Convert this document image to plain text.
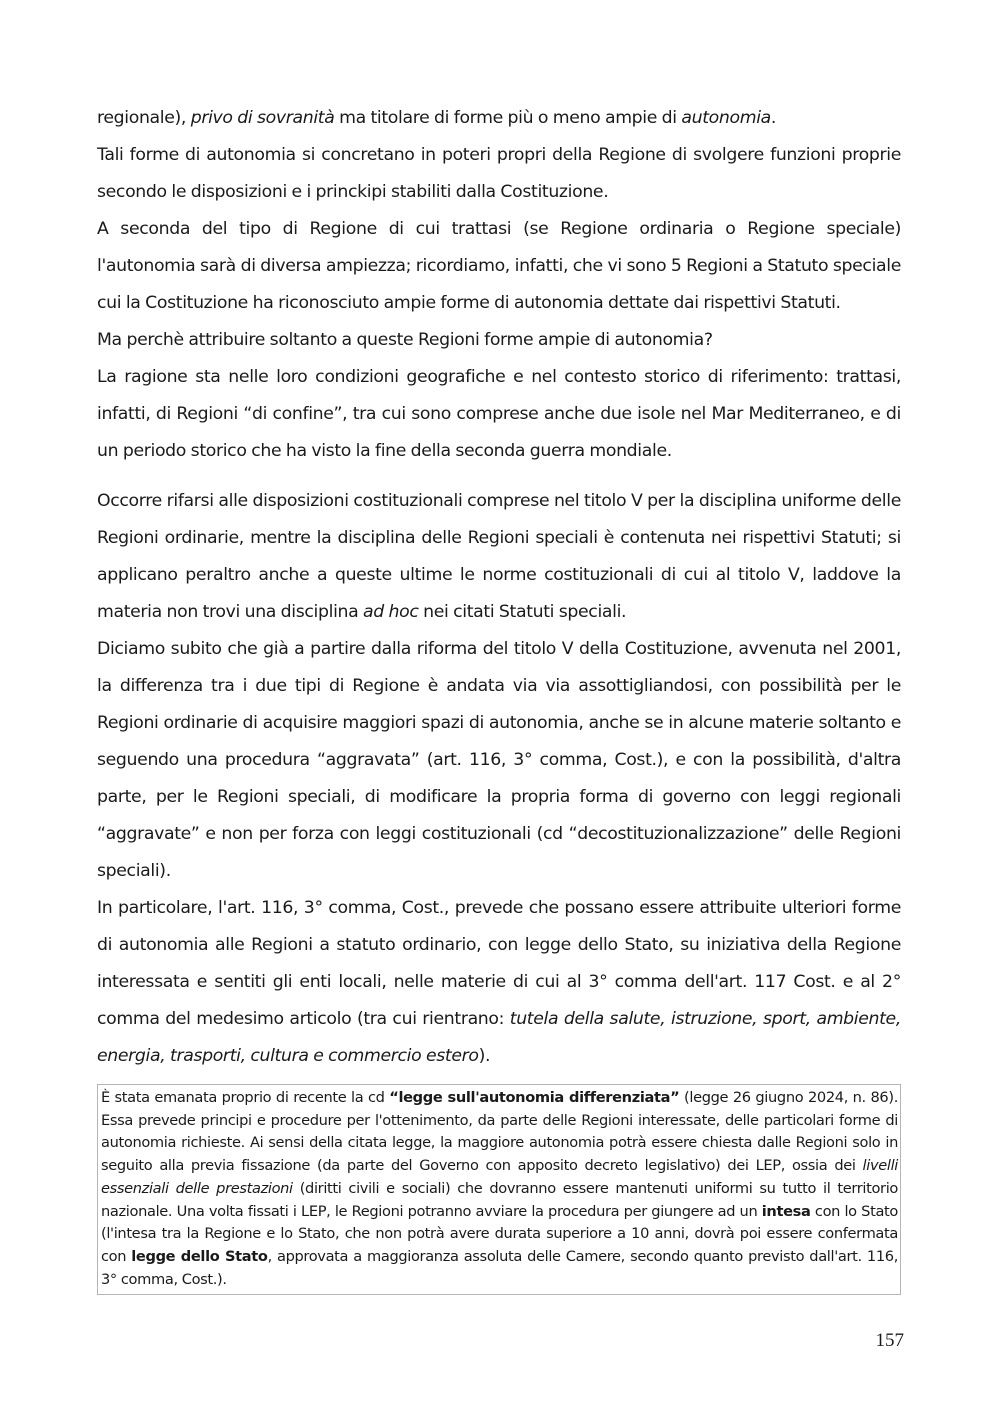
regionale), privo di sovranità ma titolare di forme più o meno ampie di autonomia.

Tali forme di autonomia si concretano in poteri propri della Regione di svolgere funzioni proprie secondo le disposizioni e i princkipi stabiliti dalla Costituzione.

A seconda del tipo di Regione di cui trattasi (se Regione ordinaria o Regione speciale) l'autonomia sarà di diversa ampiezza; ricordiamo, infatti, che vi sono 5 Regioni a Statuto speciale cui la Costituzione ha riconosciuto ampie forme di autonomia dettate dai rispettivi Statuti.

Ma perchè attribuire soltanto a queste Regioni forme ampie di autonomia?

La ragione sta nelle loro condizioni geografiche e nel contesto storico di riferimento: trattasi, infatti, di Regioni “di confine”, tra cui sono comprese anche due isole nel Mar Mediterraneo, e di un periodo storico che ha visto la fine della seconda guerra mondiale.

Occorre rifarsi alle disposizioni costituzionali comprese nel titolo V per la disciplina uniforme delle Regioni ordinarie, mentre la disciplina delle Regioni speciali è contenuta nei rispettivi Statuti; si applicano peraltro anche a queste ultime le norme costituzionali di cui al titolo V, laddove la materia non trovi una disciplina ad hoc nei citati Statuti speciali.

Diciamo subito che già a partire dalla riforma del titolo V della Costituzione, avvenuta nel 2001, la differenza tra i due tipi di Regione è andata via via assottigliandosi, con possibilità per le Regioni ordinarie di acquisire maggiori spazi di autonomia, anche se in alcune materie soltanto e seguendo una procedura “aggravata” (art. 116, 3° comma, Cost.), e con la possibilità, d'altra parte, per le Regioni speciali, di modificare la propria forma di governo con leggi regionali “aggravate” e non per forza con leggi costituzionali (cd “decostituzionalizzazione” delle Regioni speciali).

In particolare, l'art. 116, 3° comma, Cost., prevede che possano essere attribuite ulteriori forme di autonomia alle Regioni a statuto ordinario, con legge dello Stato, su iniziativa della Regione interessata e sentiti gli enti locali, nelle materie di cui al 3° comma dell'art. 117 Cost. e al 2° comma del medesimo articolo (tra cui rientrano: tutela della salute, istruzione, sport, ambiente, energia, trasporti, cultura e commercio estero).

È stata emanata proprio di recente la cd “legge sull'autonomia differenziata” (legge 26 giugno 2024, n. 86). Essa prevede principi e procedure per l'ottenimento, da parte delle Regioni interessate, delle particolari forme di autonomia richieste. Ai sensi della citata legge, la maggiore autonomia potrà essere chiesta dalle Regioni solo in seguito alla previa fissazione (da parte del Governo con apposito decreto legislativo) dei LEP, ossia dei livelli essenziali delle prestazioni (diritti civili e sociali) che dovranno essere mantenuti uniformi su tutto il territorio nazionale. Una volta fissati i LEP, le Regioni potranno avviare la procedura per giungere ad un intesa con lo Stato (l'intesa tra la Regione e lo Stato, che non potrà avere durata superiore a 10 anni, dovrà poi essere confermata con legge dello Stato, approvata a maggioranza assoluta delle Camere, secondo quanto previsto dall'art. 116, 3° comma, Cost.).
157
